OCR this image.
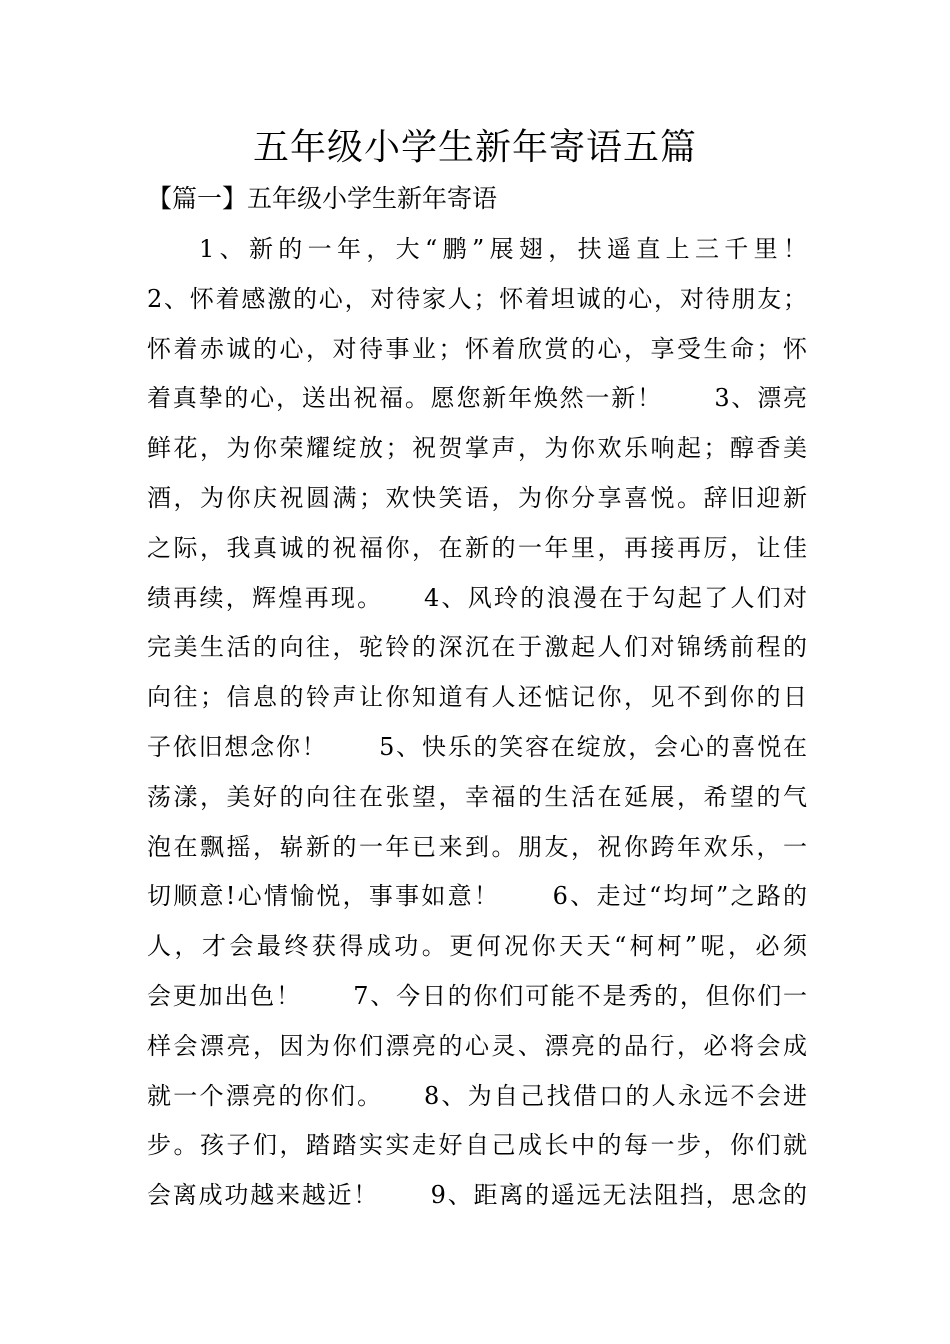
五年级小学生新年寄语五篇
【篇一】五年级小学生新年寄语
1、新的一年，大“鹏”展翅，扶遥直上三千里！
2、怀着感激的心，对待家人；怀着坦诚的心，对待朋友；
怀着赤诚的心，对待事业；怀着欣赏的心，享受生命；怀
着真挚的心，送出祝福。愿您新年焕然一新！　　3、漂亮
鲜花，为你荣耀绽放；祝贺掌声，为你欢乐响起；醇香美
酒，为你庆祝圆满；欢快笑语，为你分享喜悦。辞旧迎新
之际，我真诚的祝福你，在新的一年里，再接再厉，让佳
绩再续，辉煌再现。　　4、风玲的浪漫在于勾起了人们对
完美生活的向往，驼铃的深沉在于激起人们对锦绣前程的
向往；信息的铃声让你知道有人还惦记你，见不到你的日
子依旧想念你！　　5、快乐的笑容在绽放，会心的喜悦在
荡漾，美好的向往在张望，幸福的生活在延展，希望的气
泡在飘摇，崭新的一年已来到。朋友，祝你跨年欢乐，一
切顺意!心情愉悦，事事如意！　　6、走过“均坷”之路的
人，才会最终获得成功。更何况你天天“柯柯”呢，必须
会更加出色！　　7、今日的你们可能不是秀的，但你们一
样会漂亮，因为你们漂亮的心灵、漂亮的品行，必将会成
就一个漂亮的你们。　　8、为自己找借口的人永远不会进
步。孩子们，踏踏实实走好自己成长中的每一步，你们就
会离成功越来越近！　　9、距离的遥远无法阻挡，思念的
